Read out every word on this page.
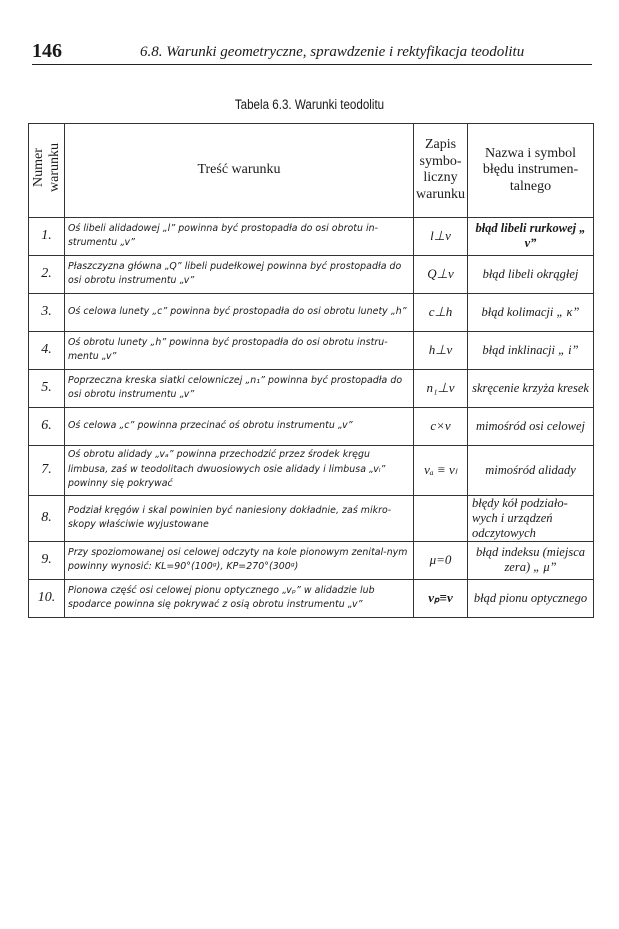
146	6.8. Warunki geometryczne, sprawdzenie i rektyfikacja teodolitu
Tabela 6.3. Warunki teodolitu
Numer warunku	Treść warunku	Zapis symbo- liczny warunku	Nazwa i symbol błędu instrumen- talnego
1.	Oś libeli alidadowej „l” powinna być prostopadła do osi obrotu in-strumentu „v”	l⊥v	błąd libeli rurkowej „ v”
2.	Płaszczyzna główna „Q” libeli pudełkowej powinna być prostopadła do osi obrotu instrumentu „v”	Q⊥v	błąd libeli okrągłej
3.	Oś celowa lunety „c” powinna być prostopadła do osi obrotu lunety „h”	c⊥h	błąd kolimacji „ κ”
4.	Oś obrotu lunety „h” powinna być prostopadła do osi obrotu instru-mentu „v”	h⊥v	błąd inklinacji „ i”
5.	Poprzeczna kreska siatki celowniczej „n₁” powinna być prostopadła do osi obrotu instrumentu „v”	n₁⊥v	skręcenie krzyża kresek
6.	Oś celowa „c” powinna przecinać oś obrotu instrumentu „v”	c×v	mimośród osi celowej
7.	Oś obrotu alidady „vₐ” powinna przechodzić przez środek kręgu limbusa, zaś w teodolitach dwuosiowych osie alidady i limbusa „vₗ” powinny się pokrywać	vₐ ≡ vₗ	mimośród alidady
8.	Podział kręgów i skal powinien być naniesiony dokładnie, zaś mikro-skopy właściwie wyjustowane		błędy kół podziało-wych i urządzeń odczytowych
9.	Przy spoziomowanej osi celowej odczyty na kole pionowym zenital-nym powinny wynosić: KL=90°(100ᵍ), KP=270°(300ᵍ)	μ=0	błąd indeksu (miejsca zera) „ μ”
10.	Pionowa część osi celowej pionu optycznego „vₚ” w alidadzie lub spodarce powinna się pokrywać z osią obrotu instrumentu „v”	vₚ≡v	błąd pionu optycznego
